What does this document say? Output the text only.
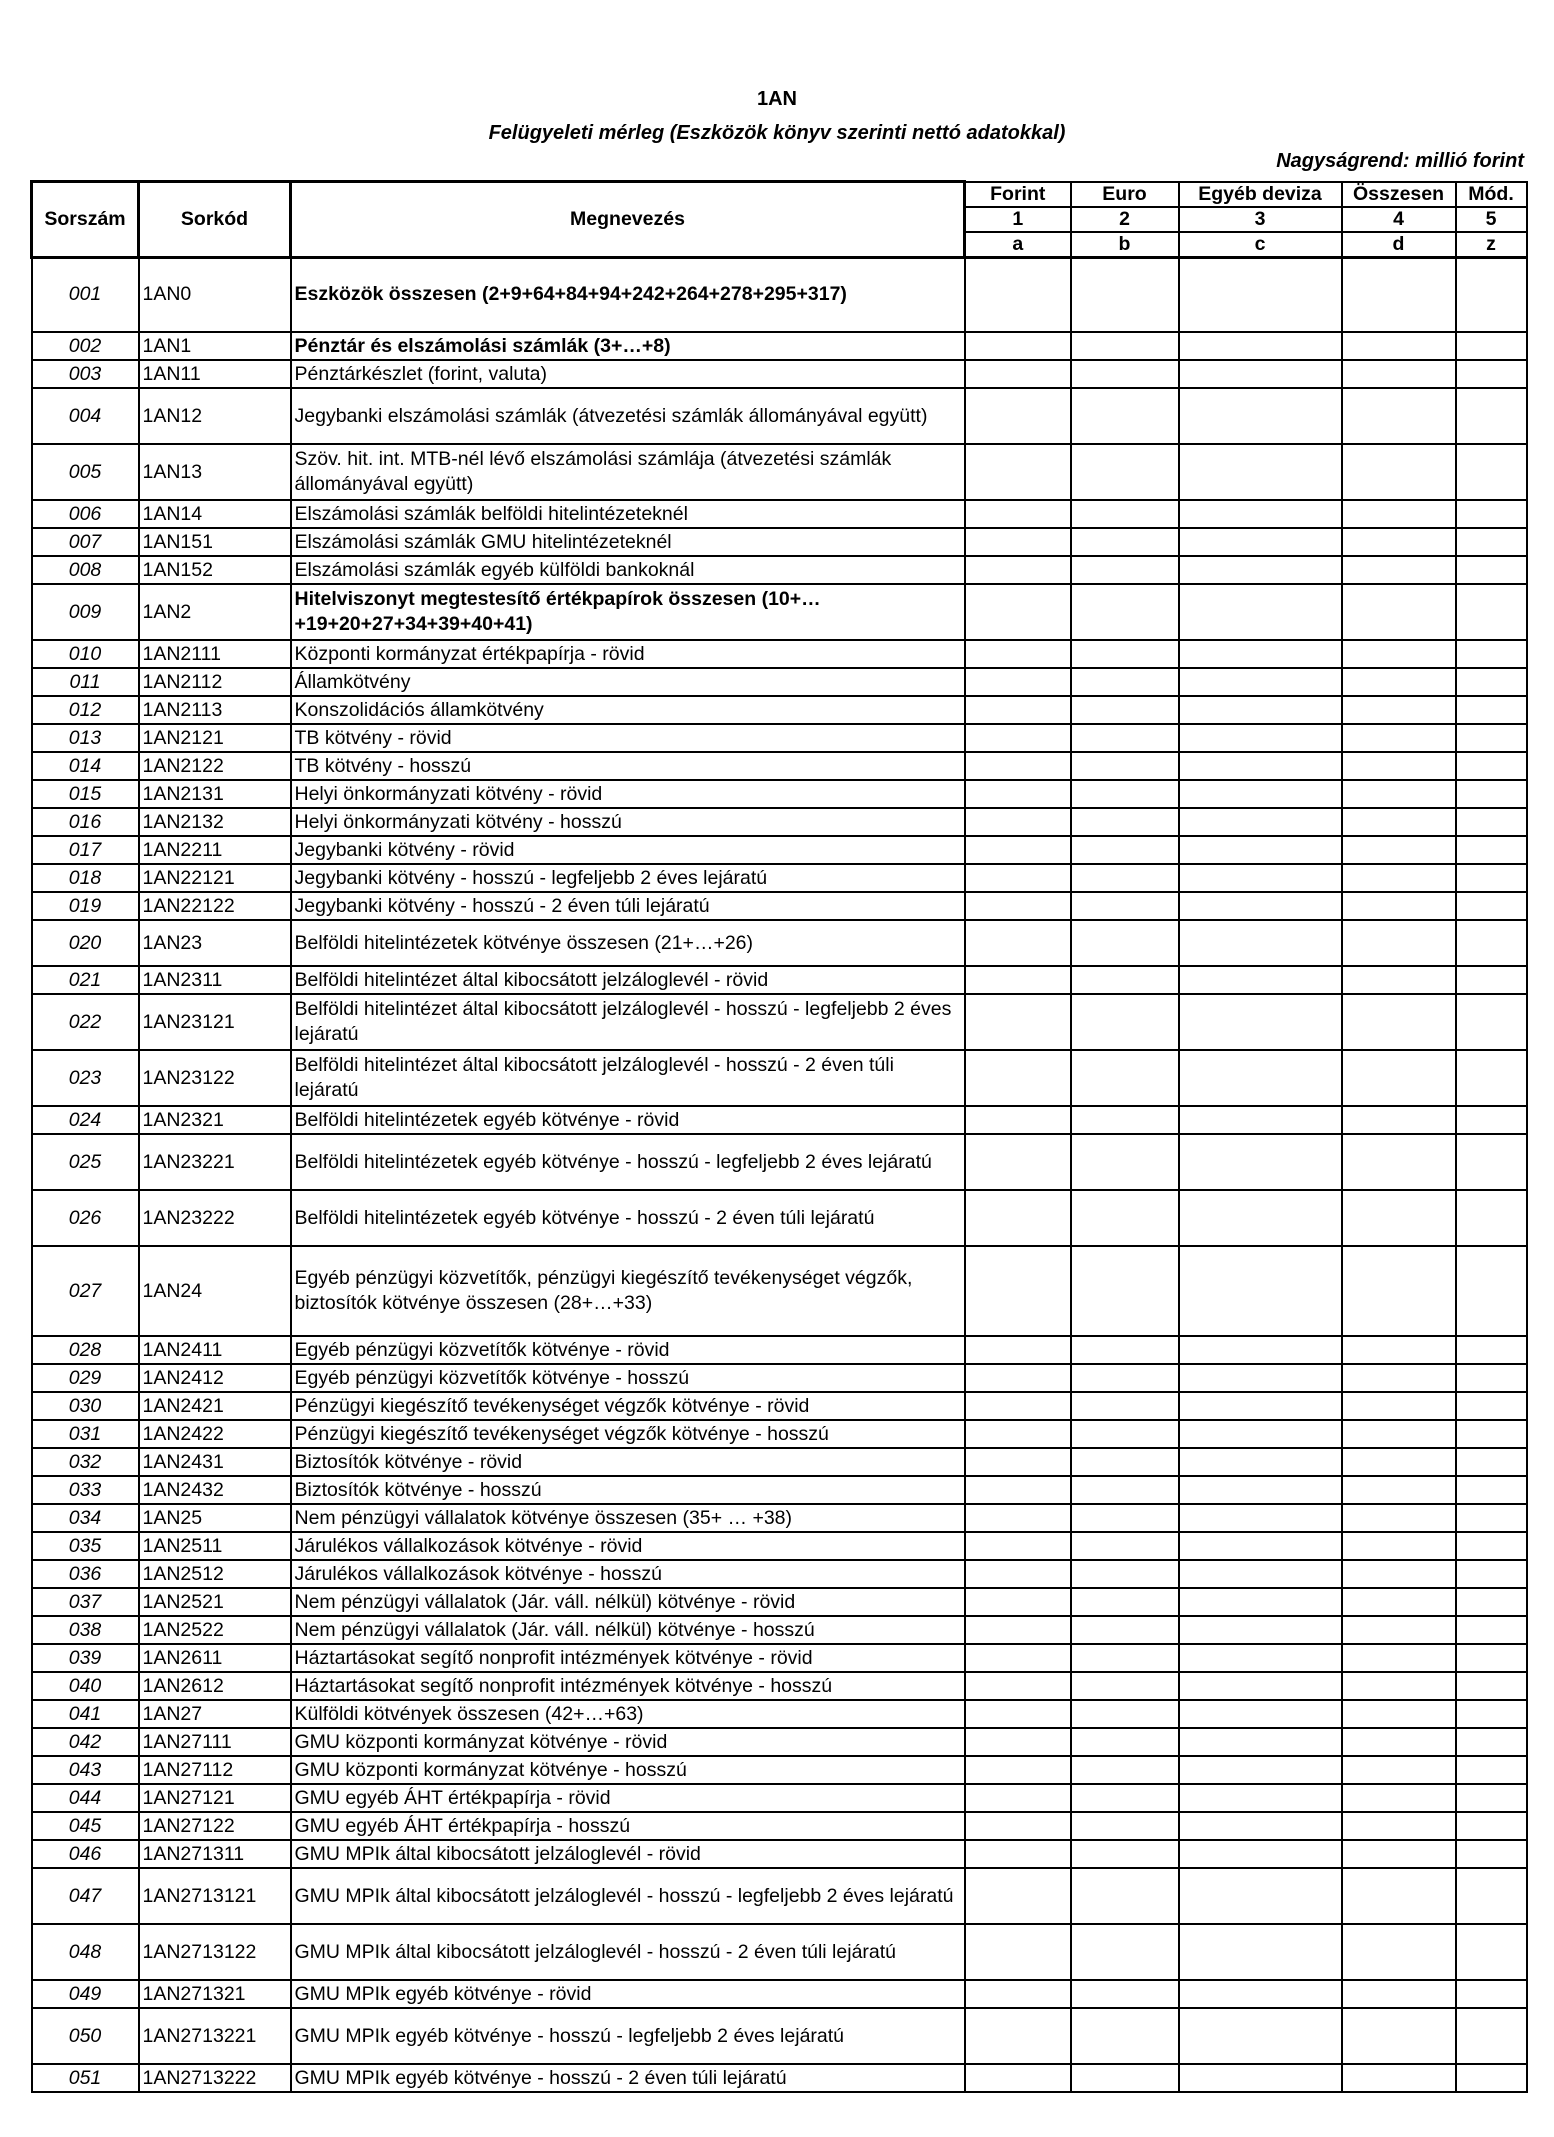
1AN
Felügyeleti mérleg (Eszközök könyv szerinti nettó adatokkal)
Nagyságrend: millió forint
Sorszám	Sorkód	Megnevezés	Forint	Euro	Egyéb deviza	Összesen	Mód.
			1	2	3	4	5
			a	b	c	d	z
001	1AN0	Eszközök összesen (2+9+64+84+94+242+264+278+295+317)					
002	1AN1	Pénztár és elszámolási számlák (3+…+8)					
003	1AN11	Pénztárkészlet (forint, valuta)					
004	1AN12	Jegybanki elszámolási számlák (átvezetési számlák állományával együtt)					
005	1AN13	Szöv. hit. int. MTB-nél lévő elszámolási számlája (átvezetési számlák állományával együtt)					
006	1AN14	Elszámolási számlák belföldi hitelintézeteknél					
007	1AN151	Elszámolási számlák GMU hitelintézeteknél					
008	1AN152	Elszámolási számlák egyéb külföldi bankoknál					
009	1AN2	Hitelviszonyt megtestesítő értékpapírok összesen (10+…+19+20+27+34+39+40+41)					
010	1AN2111	Központi kormányzat értékpapírja - rövid					
011	1AN2112	Államkötvény					
012	1AN2113	Konszolidációs államkötvény					
013	1AN2121	TB kötvény - rövid					
014	1AN2122	TB kötvény - hosszú					
015	1AN2131	Helyi önkormányzati kötvény - rövid					
016	1AN2132	Helyi önkormányzati kötvény - hosszú					
017	1AN2211	Jegybanki kötvény - rövid					
018	1AN22121	Jegybanki kötvény - hosszú - legfeljebb 2 éves lejáratú					
019	1AN22122	Jegybanki kötvény - hosszú - 2 éven túli lejáratú					
020	1AN23	Belföldi hitelintézetek kötvénye összesen (21+…+26)					
021	1AN2311	Belföldi hitelintézet által kibocsátott jelzáloglevél - rövid					
022	1AN23121	Belföldi hitelintézet által kibocsátott jelzáloglevél - hosszú - legfeljebb 2 éves lejáratú					
023	1AN23122	Belföldi hitelintézet által kibocsátott jelzáloglevél - hosszú - 2 éven túli lejáratú					
024	1AN2321	Belföldi hitelintézetek egyéb kötvénye - rövid					
025	1AN23221	Belföldi hitelintézetek egyéb kötvénye - hosszú - legfeljebb 2 éves lejáratú					
026	1AN23222	Belföldi hitelintézetek egyéb kötvénye - hosszú - 2 éven túli lejáratú					
027	1AN24	Egyéb pénzügyi közvetítők, pénzügyi kiegészítő tevékenységet végzők, biztosítók kötvénye összesen (28+…+33)					
028	1AN2411	Egyéb pénzügyi közvetítők kötvénye - rövid					
029	1AN2412	Egyéb pénzügyi közvetítők kötvénye - hosszú					
030	1AN2421	Pénzügyi kiegészítő tevékenységet végzők kötvénye - rövid					
031	1AN2422	Pénzügyi kiegészítő tevékenységet végzők kötvénye - hosszú					
032	1AN2431	Biztosítók kötvénye - rövid					
033	1AN2432	Biztosítók kötvénye - hosszú					
034	1AN25	Nem pénzügyi vállalatok kötvénye összesen (35+ … +38)					
035	1AN2511	Járulékos vállalkozások kötvénye - rövid					
036	1AN2512	Járulékos vállalkozások kötvénye - hosszú					
037	1AN2521	Nem pénzügyi vállalatok (Jár. váll. nélkül) kötvénye - rövid					
038	1AN2522	Nem pénzügyi vállalatok (Jár. váll. nélkül) kötvénye - hosszú					
039	1AN2611	Háztartásokat segítő nonprofit intézmények kötvénye - rövid					
040	1AN2612	Háztartásokat segítő nonprofit intézmények kötvénye - hosszú					
041	1AN27	Külföldi kötvények összesen (42+…+63)					
042	1AN27111	GMU központi kormányzat kötvénye - rövid					
043	1AN27112	GMU központi kormányzat kötvénye - hosszú					
044	1AN27121	GMU egyéb ÁHT értékpapírja - rövid					
045	1AN27122	GMU egyéb ÁHT értékpapírja - hosszú					
046	1AN271311	GMU MPIk által kibocsátott jelzáloglevél - rövid					
047	1AN2713121	GMU MPIk által kibocsátott jelzáloglevél - hosszú - legfeljebb 2 éves lejáratú					
048	1AN2713122	GMU MPIk által kibocsátott jelzáloglevél - hosszú - 2 éven túli lejáratú					
049	1AN271321	GMU MPIk egyéb kötvénye - rövid					
050	1AN2713221	GMU MPIk egyéb kötvénye - hosszú - legfeljebb 2 éves lejáratú					
051	1AN2713222	GMU MPIk egyéb kötvénye - hosszú - 2 éven túli lejáratú					
